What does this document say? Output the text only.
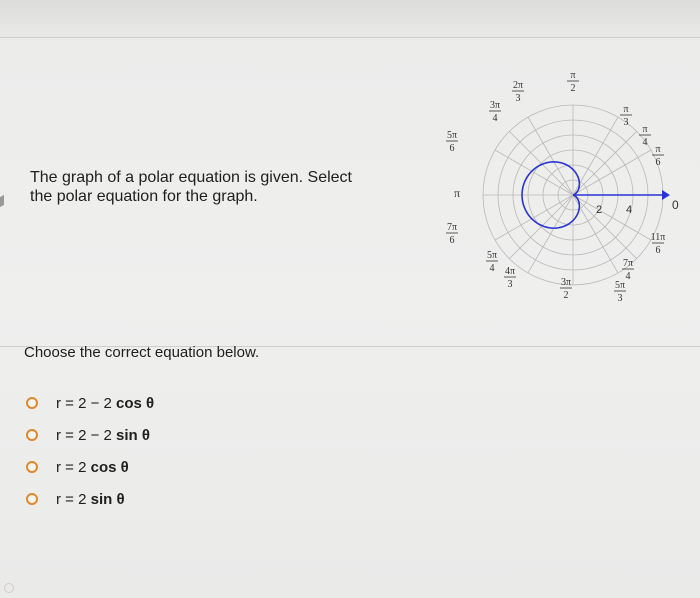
The graph of a polar equation is given. Select
the polar equation for the graph.
π
2
2π
3
3π
4
π
3
π
4
5π
6	π
6
7π
6	11π
6
5π
4	7π
4
4π
3	3π
2
5π
3
π
0
2 4
Choose the correct equation below.
r = 2 − 2 cos θ
r = 2 − 2 sin θ
r = 2 cos θ
r = 2 sin θ
